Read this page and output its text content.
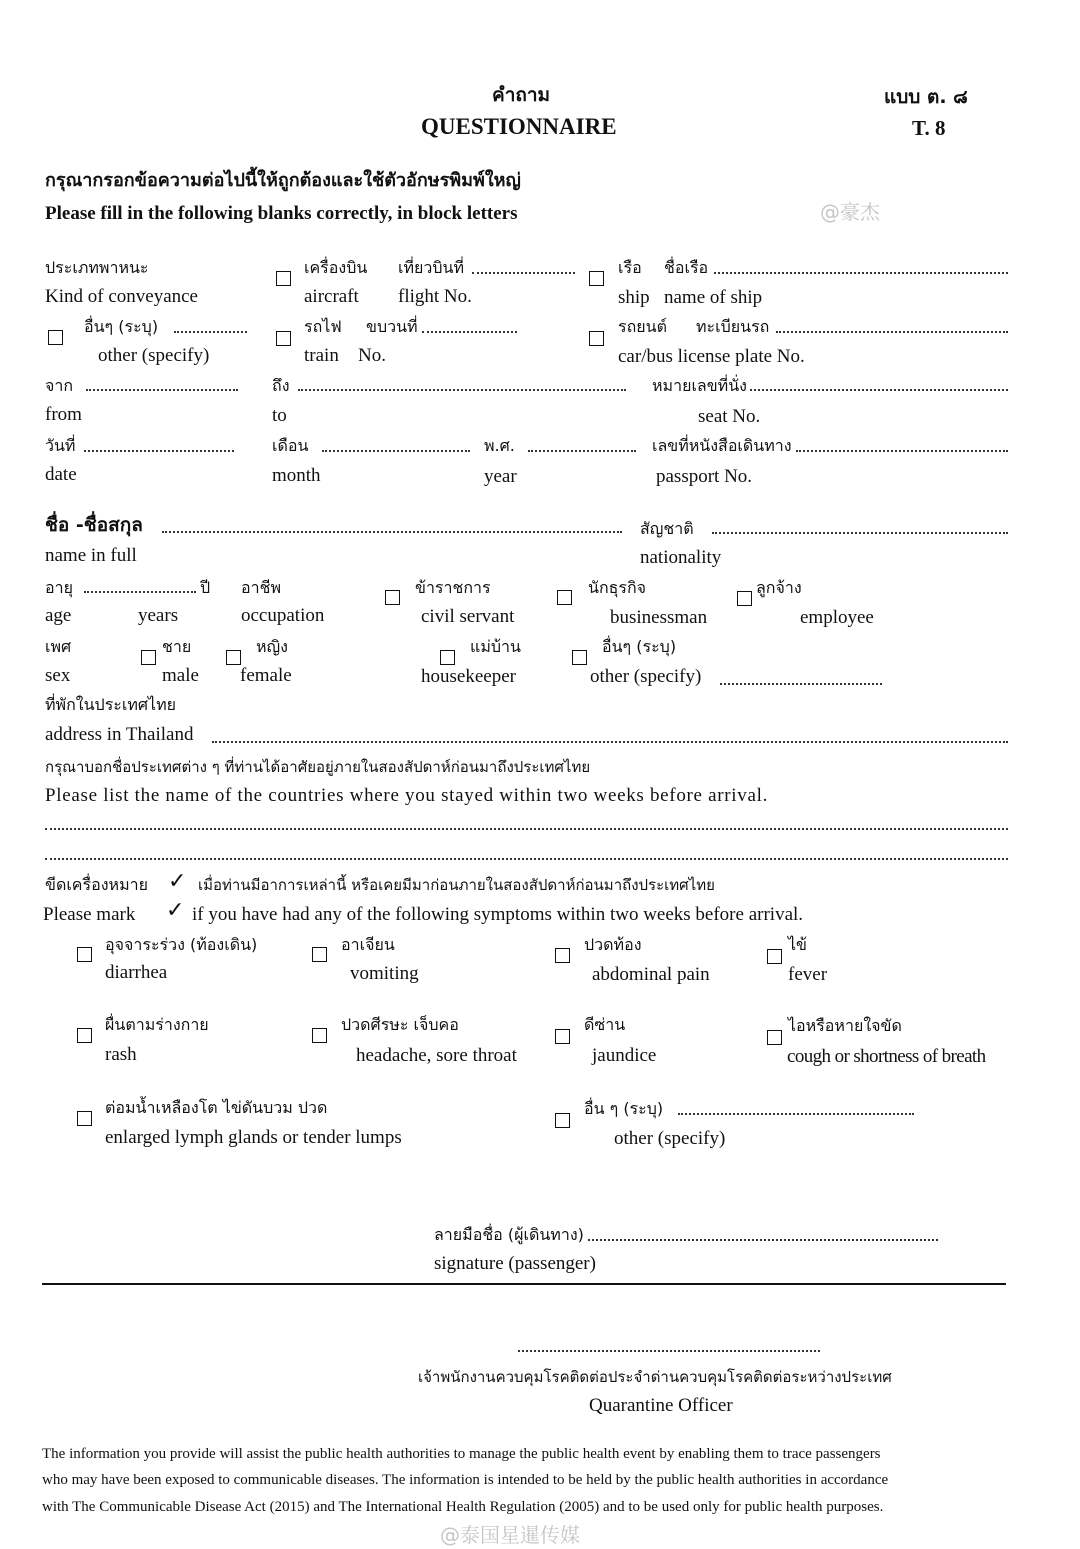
คำถาม
QUESTIONNAIRE
แบบ ต. ๘
T. 8
กรุณากรอกข้อความต่อไปนี้ให้ถูกต้องและใช้ตัวอักษรพิมพ์ใหญ่
Please fill in the following blanks correctly, in block letters
ประเภทพาหนะ
Kind of conveyance
เครื่องบิน
aircraft
เที่ยวบินที่
flight No.
เรือ
ship
ชื่อเรือ
name of ship
อื่นๆ (ระบุ)
other (specify)
รถไฟ
train
ขบวนที่
No.
รถยนต์ ทะเบียนรถ
car/bus license plate No.
จาก
from
ถึง
to
หมายเลขที่นั่ง
seat No.
วันที่
date
เดือน
month
พ.ศ.
year
เลขที่หนังสือเดินทาง
passport No.
ชื่อ -ชื่อสกุล
name in full
สัญชาติ
nationality
อายุ	ปี
age	years
อาชีพ
occupation
ข้าราชการ
civil servant
นักธุรกิจ
businessman
ลูกจ้าง
employee
เพศ
sex
ชาย
male
หญิง
female
แม่บ้าน
housekeeper
อื่นๆ (ระบุ)
other (specify)
ที่พักในประเทศไทย
address in Thailand
กรุณาบอกชื่อประเทศต่าง ๆ ที่ท่านได้อาศัยอยู่ภายในสองสัปดาห์ก่อนมาถึงประเทศไทย
Please list the name of the countries where you stayed within two weeks before arrival.
ขีดเครื่องหมาย ✓ เมื่อท่านมีอาการเหล่านี้ หรือเคยมีมาก่อนภายในสองสัปดาห์ก่อนมาถึงประเทศไทย
Please mark ✓ if you have had any of the following symptoms within two weeks before arrival.
อุจจาระร่วง (ท้องเดิน)
diarrhea
อาเจียน
vomiting
ปวดท้อง
abdominal pain
ไข้
fever
ผื่นตามร่างกาย
rash
ปวดศีรษะ เจ็บคอ
headache, sore throat
ดีซ่าน
jaundice
ไอหรือหายใจขัด
cough or shortness of breath
ต่อมน้ำเหลืองโต ไข่ดันบวม ปวด
enlarged lymph glands or tender lumps
อื่น ๆ (ระบุ)
other (specify)
ลายมือชื่อ (ผู้เดินทาง)
signature (passenger)
เจ้าพนักงานควบคุมโรคติดต่อประจำด่านควบคุมโรคติดต่อระหว่างประเทศ
Quarantine Officer
The information you provide will assist the public health authorities to manage the public health event by enabling them to trace passengers
who may have been exposed to communicable diseases. The information is intended to be held by the public health authorities in accordance
with The Communicable Disease Act (2015) and The International Health Regulation (2005) and to be used only for public health purposes.
@豪杰
@泰国星暹传媒
